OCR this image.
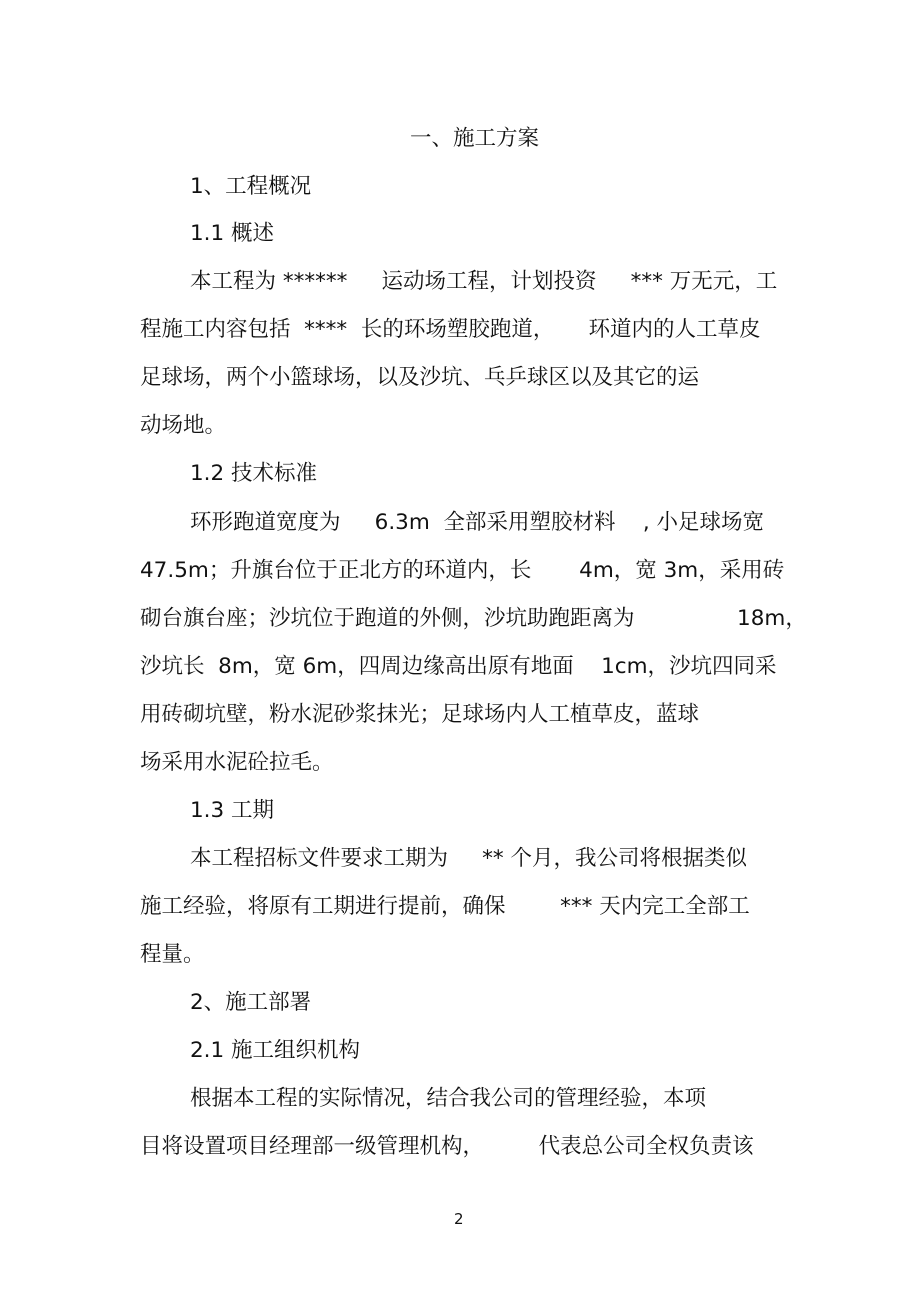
一、施工方案
1、工程概况
1.1 概述
本工程为 ******     运动场工程，计划投资     *** 万无元，工
程施工内容包括  ****  长的环场塑胶跑道，     环道内的人工草皮
足球场，两个小篮球场，以及沙坑、乓乒球区以及其它的运
动场地。
1.2 技术标准
环形跑道宽度为     6.3m  全部采用塑胶材料    , 小足球场宽
47.5m；升旗台位于正北方的环道内，长       4m，宽 3m，采用砖
砌台旗台座；沙坑位于跑道的外侧，沙坑助跑距离为               18m，
沙坑长  8m，宽 6m，四周边缘高出原有地面    1cm，沙坑四同采
用砖砌坑壁，粉水泥砂浆抹光；足球场内人工植草皮，蓝球
场采用水泥砼拉毛。
1.3 工期
本工程招标文件要求工期为     ** 个月，我公司将根据类似
施工经验，将原有工期进行提前，确保        *** 天内完工全部工
程量。
2、施工部署
2.1 施工组织机构
根据本工程的实际情况，结合我公司的管理经验，本项
目将设置项目经理部一级管理机构，        代表总公司全权负责该
2
